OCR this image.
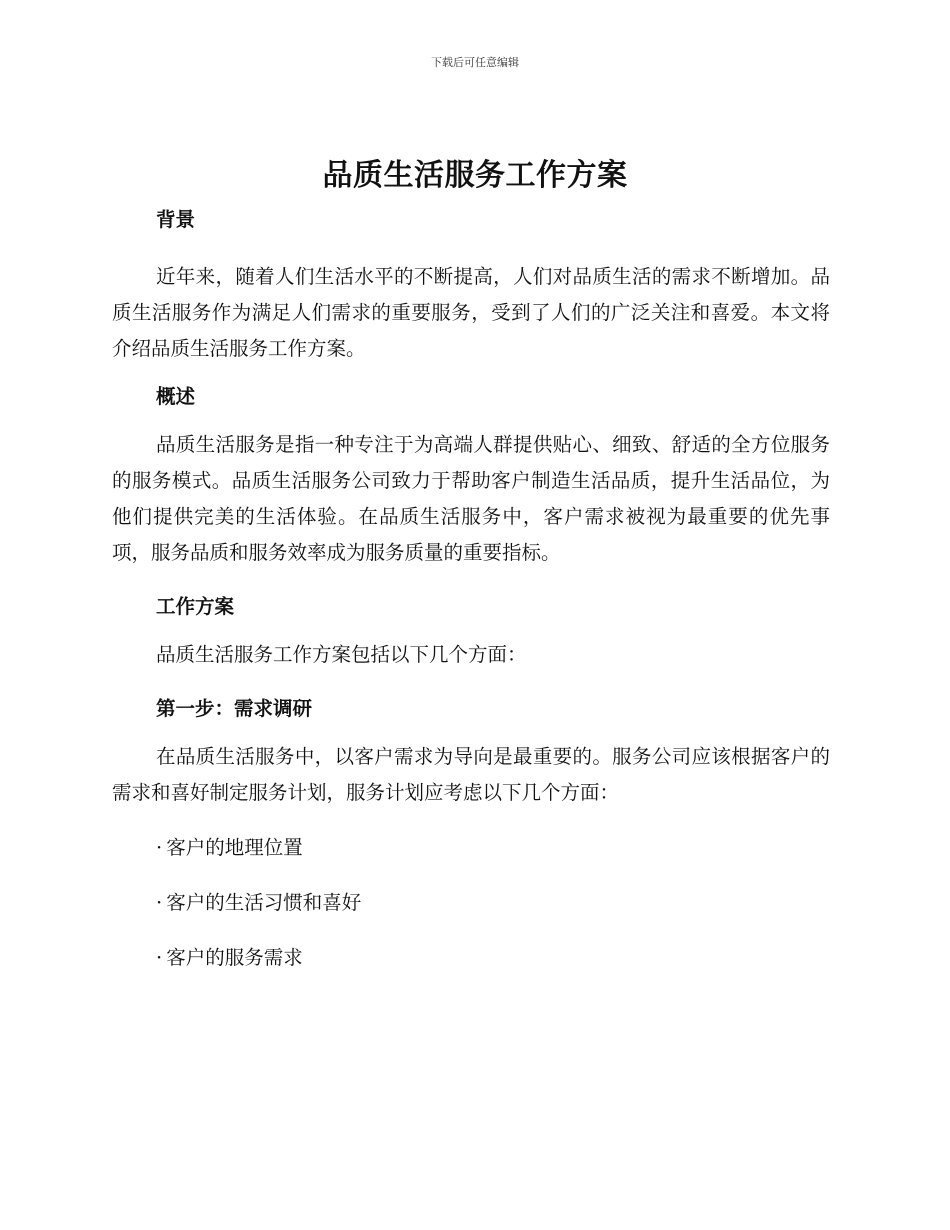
下载后可任意编辑
品质生活服务工作方案
背景

近年来，随着人们生活水平的不断提高，人们对品质生活的需求不断增加。品质生活服务作为满足人们需求的重要服务，受到了人们的广泛关注和喜爱。本文将介绍品质生活服务工作方案。

概述

品质生活服务是指一种专注于为高端人群提供贴心、细致、舒适的全方位服务的服务模式。品质生活服务公司致力于帮助客户制造生活品质，提升生活品位，为他们提供完美的生活体验。在品质生活服务中，客户需求被视为最重要的优先事项，服务品质和服务效率成为服务质量的重要指标。

工作方案

品质生活服务工作方案包括以下几个方面：

第一步：需求调研

在品质生活服务中，以客户需求为导向是最重要的。服务公司应该根据客户的需求和喜好制定服务计划，服务计划应考虑以下几个方面：

· 客户的地理位置

· 客户的生活习惯和喜好

· 客户的服务需求
